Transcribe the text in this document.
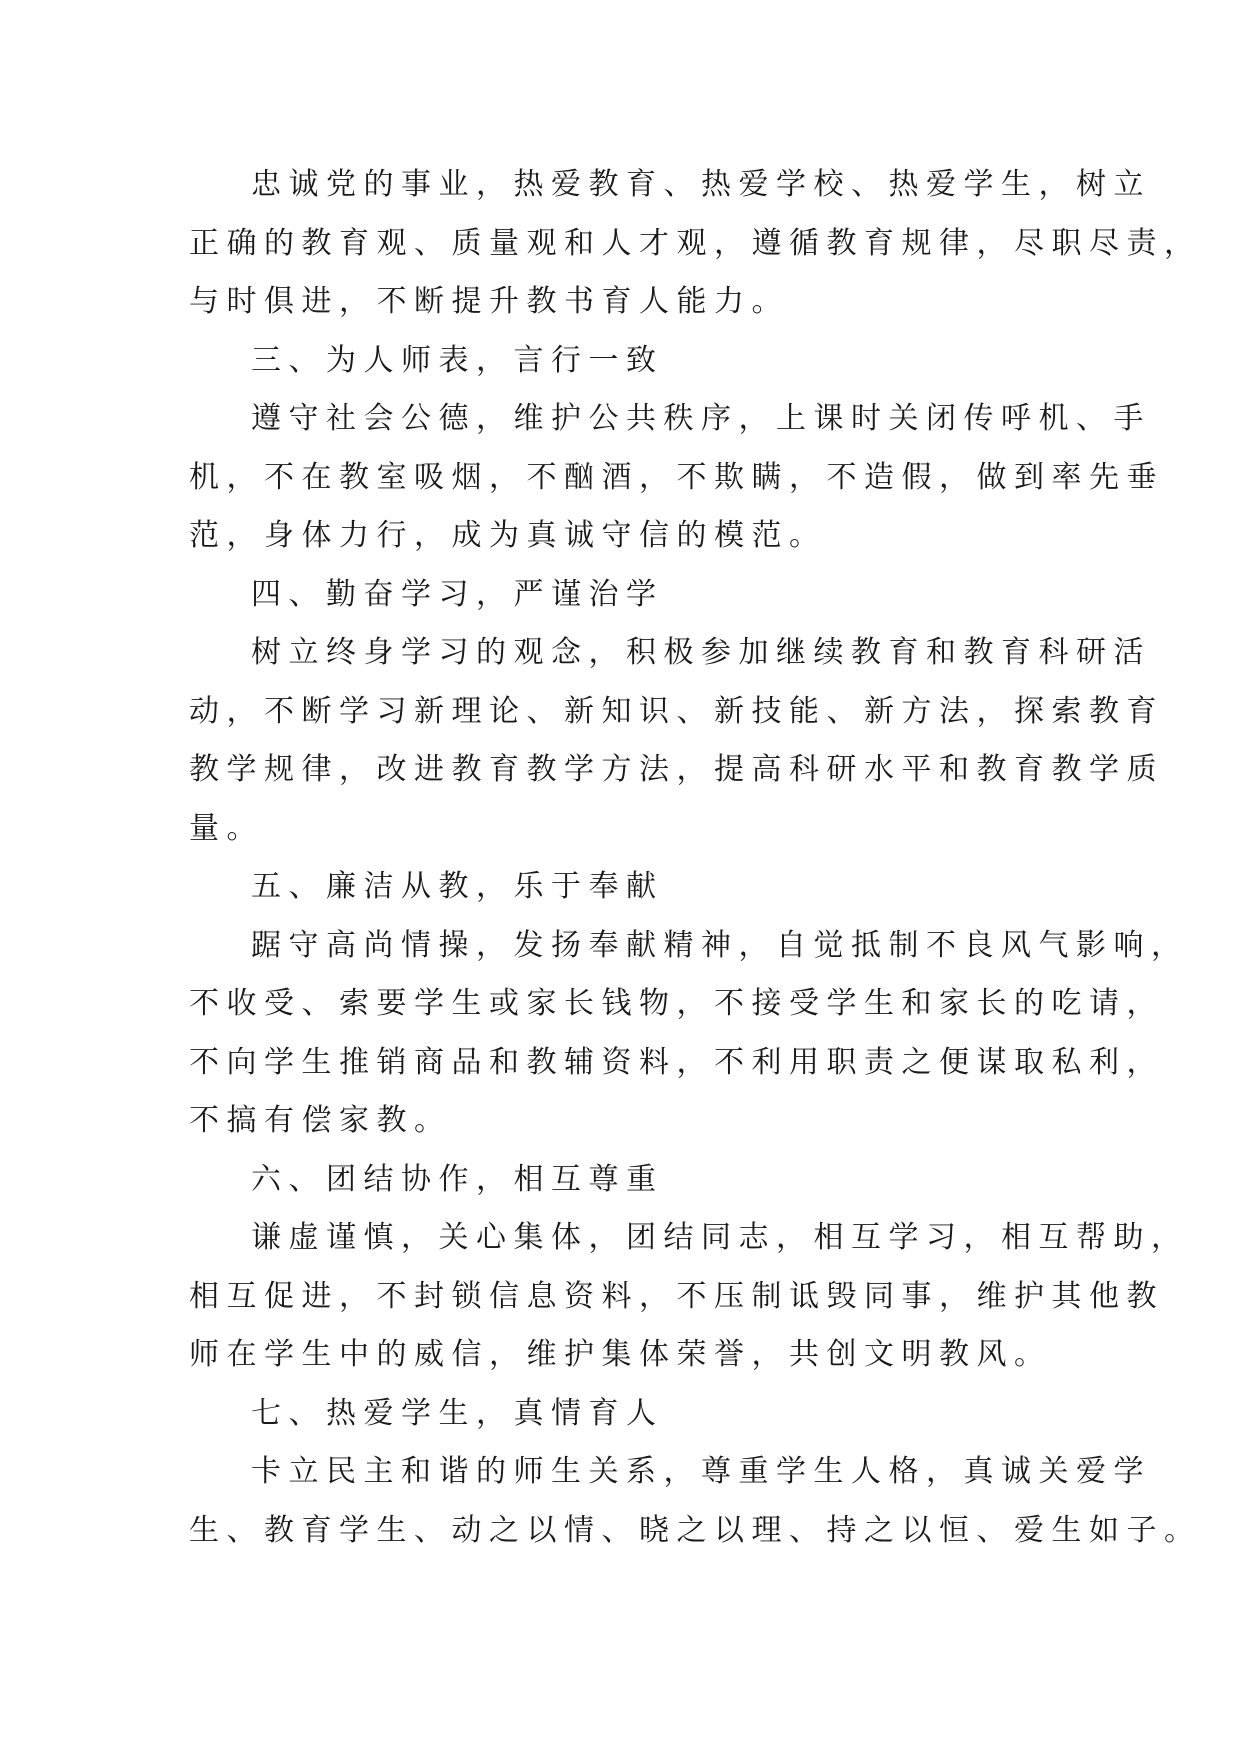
忠诚党的事业，热爱教育、热爱学校、热爱学生，树立
正确的教育观、质量观和人才观，遵循教育规律，尽职尽责，
与时俱进，不断提升教书育人能力。

三、为人师表，言行一致

遵守社会公德，维护公共秩序，上课时关闭传呼机、手
机，不在教室吸烟，不酗酒，不欺瞒，不造假，做到率先垂
范，身体力行，成为真诚守信的模范。

四、勤奋学习，严谨治学

树立终身学习的观念，积极参加继续教育和教育科研活
动，不断学习新理论、新知识、新技能、新方法，探索教育
教学规律，改进教育教学方法，提高科研水平和教育教学质
量。

五、廉洁从教，乐于奉献

踞守高尚情操，发扬奉献精神，自觉抵制不良风气影响，
不收受、索要学生或家长钱物，不接受学生和家长的吃请，
不向学生推销商品和教辅资料，不利用职责之便谋取私利，
不搞有偿家教。

六、团结协作，相互尊重

谦虚谨慎，关心集体，团结同志，相互学习，相互帮助，
相互促进，不封锁信息资料，不压制诋毁同事，维护其他教
师在学生中的威信，维护集体荣誉，共创文明教风。

七、热爱学生，真情育人

卡立民主和谐的师生关系，尊重学生人格，真诚关爱学
生、教育学生、动之以情、晓之以理、持之以恒、爱生如子。
